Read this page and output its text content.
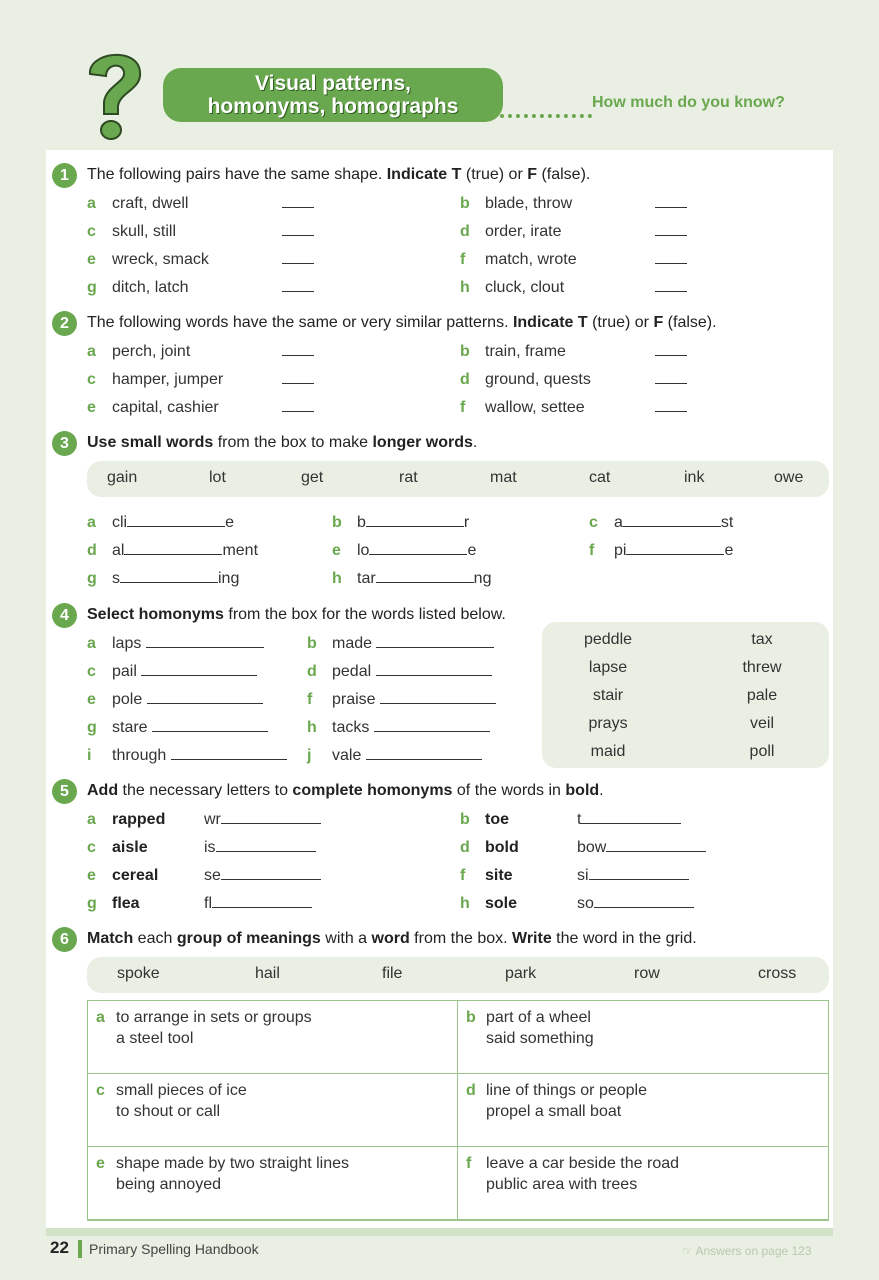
Visual patterns,
homonyms, homographs	How much do you know?
1	The following pairs have the same shape. Indicate T (true) or F (false).
a craft, dwell	b blade, throw
c skull, still	d order, irate
e wreck, smack	f match, wrote
g ditch, latch	h cluck, clout
2	The following words have the same or very similar patterns. Indicate T (true) or F (false).
a perch, joint	b train, frame
c hamper, jumper	d ground, quests
e capital, cashier	f wallow, settee
3	Use small words from the box to make longer words.
gain	lot	get	rat	mat	cat	ink	owe
a cli	e	b b	r	c a	st
d al	ment	e lo	e	f pi	e
g s	ing	h tar	ng
4	Select homonyms from the box for the words listed below.
a laps	b made
c pail	d pedal
e pole	f praise
g stare	h tacks
i through	j vale
peddle	tax
lapse	threw
stair	pale
prays	veil
maid	poll
5	Add the necessary letters to complete homonyms of the words in bold.
a rapped wr	b toe	t
c aisle	is	d bold	bow
e cereal	se	f site	si
g flea	fl	h sole	so
6	Match each group of meanings with a word from the box. Write the word in the grid.
spoke	hail	file	park	row	cross
a to arrange in sets or groups
a steel tool
b part of a wheel
said something
c small pieces of ice
to shout or call
d line of things or people
propel a small boat
e shape made by two straight lines
being annoyed
f leave a car beside the road
public area with trees
22 Primary Spelling Handbook	☞ Answers on page 123
